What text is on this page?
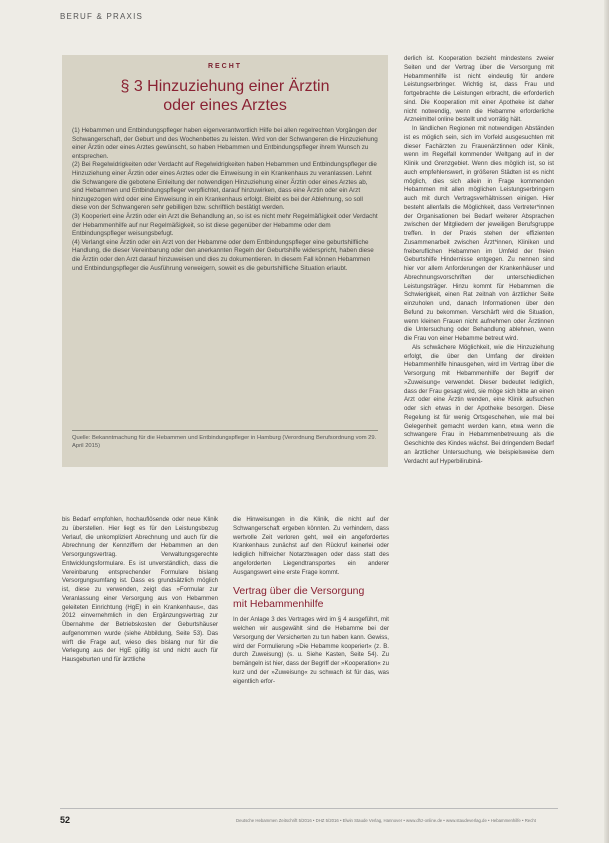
BERUF & PRAXIS
RECHT
§ 3 Hinzuziehung einer Ärztin
oder eines Arztes

(1) Hebammen und Entbindungspfleger haben eigenverantwortlich Hilfe bei allen regelrechten Vorgängen der Schwangerschaft, der Geburt und des Wochenbettes zu leisten. Wird von der Schwangeren die Hinzuziehung einer Ärztin oder eines Arztes gewünscht, so haben Hebammen und Entbindungspfleger ihrem Wunsch zu entsprechen.

(2) Bei Regelwidrigkeiten oder Verdacht auf Regelwidrigkeiten haben Hebammen und Entbindungspfleger die Hinzuziehung einer Ärztin oder eines Arztes oder die Einweisung in ein Krankenhaus zu veranlassen. Lehnt die Schwangere die gebotene Einleitung der notwendigen Hinzuziehung einer Ärztin oder eines Arztes ab, sind Hebammen und Entbindungspfleger verpflichtet, darauf hinzuwirken, dass eine Ärztin oder ein Arzt hinzugezogen wird oder eine Einweisung in ein Krankenhaus erfolgt. Bleibt es bei der Ablehnung, so soll diese von der Schwangeren sehr gebilligen bzw. schriftlich bestätigt werden.

(3) Kooperiert eine Ärztin oder ein Arzt die Behandlung an, so ist es nicht mehr Regelmäßigkeit oder Verdacht der Hebammenhilfe auf nur Regelmäßigkeit, so ist diese gegenüber der Hebamme oder dem Entbindungspfleger weisungsbefugt.

(4) Verlangt eine Ärztin oder ein Arzt von der Hebamme oder dem Entbindungspfleger eine geburtshilfliche Handlung, die dieser Vereinbarung oder den anerkannten Regeln der Geburtshilfe widerspricht, haben diese die Ärztin oder den Arzt darauf hinzuweisen und dies zu dokumentieren. In diesem Fall können Hebammen und Entbindungspfleger die Ausführung verweigern, soweit es die geburtshilfliche Situation erlaubt.

Quelle: Bekanntmachung für die Hebammen und Entbindungspfleger in Hamburg (Verordnung Berufsordnung vom 29. April 2015)

bis Bedarf empfohlen, hochauflösende oder neue Klinik zu überstellen. Hier liegt es für den Leistungsbezug Verlauf, die unkompliziert Abrechnung und auch für die Abrechnung der Kennziffern der Hebammen an den Versorgungsvertrag. Verwaltungsgerechte Entwicklungsformulare. Es ist unverständlich, dass die Vereinbarung entsprechender Formulare bislang Versorgungsumfang ist. Dass es grundsätzlich möglich ist, diese zu verwenden, zeigt das »Formular zur Veranlassung einer Versorgung aus von Hebammen geleiteten Einrichtung (HgE) in ein Krankenhaus«, das 2012 einvernehmlich in den Ergänzungsvertrag zur Übernahme der Betriebskosten der Geburtshäuser aufgenommen wurde (siehe Abbildung, Seite 53). Das wirft die Frage auf, wieso dies bislang nur für die Verlegung aus der HgE gültig ist und nicht auch für Hausgeburten und für ärztliche

die Hinweisungen in die Klinik, die nicht auf der Schwangerschaft ergeben könnten. Zu verhindern, dass wertvolle Zeit verloren geht, weil ein angefordertes Krankenhaus zunächst auf den Rückruf keinerlei oder lediglich hilfreicher Notarztwagen oder dass statt des angeforderten Liegendtransportes ein anderer Ausgangswert eine erste Frage kommt.

Vertrag über die Versorgung
mit Hebammenhilfe

In der Anlage 3 des Vertrages wird im § 4 ausgeführt, mit welchen wir ausgewählt sind die Hebamme bei der Versorgung der Versicherten zu tun haben kann. Gewiss, wird der Formulierung »Die Hebamme kooperiert« (z. B. durch Zuweisung) (s. u. Siehe Kasten, Seite 54). Zu bemängeln ist hier, dass der Begriff der »Kooperation« zu kurz und der »Zuweisung« zu schwach ist für das, was eigentlich erfor-

derlich ist. Kooperation bezieht mindestens zweier Seiten und der Vertrag über die Versorgung mit Hebammenhilfe ist nicht eindeutig für andere Leistungserbringer. Wichtig ist, dass Frau und fortgebrachte die Leistungen erbracht, die erforderlich sind. Die Kooperation mit einer Apotheke ist daher nicht notwendig, wenn die Hebamme erforderliche Arzneimittel online bestellt und vorrätig hält.

In ländlichen Regionen mit notwendigen Abständen ist es möglich sein, sich im Vorfeld ausgesuchten mit dieser Fachärzten zu Frauenärztinnen oder Klinik, wenn im Regelfall kommender Weltgang auf in der Klinik und Grenzgebiet. Wenn dies möglich ist, so ist auch empfehlenswert, in größeren Städten ist es nicht möglich, dies sich allein in Frage kommenden Hebammen mit allen möglichen Leistungserbringern auch mit durch Vertragsverhältnissen einigen. Hier besteht allenfalls die Möglichkeit, dass Vertreter*innen der Organisationen bei Bedarf weiterer Absprachen zwischen der Mitgliedern der jeweiligen Berufsgruppe treffen. In der Praxis stehen der effizienten Zusammenarbeit zwischen Ärzt*innen, Kliniken und freiberuflichen Hebammen im Umfeld der freien Geburtshilfe Hindernisse entgegen. Zu nennen sind hier vor allem Anforderungen der Krankenhäuser und Abrechnungsvorschriften der unterschiedlichen Leistungsträger. Hinzu kommt für Hebammen die Schwierigkeit, einen Rat zeitnah von ärztlicher Seite einzuholen und, danach Informationen über den Befund zu bekommen. Verschärft wird die Situation, wenn kleinen Frauen nicht aufnehmen oder Ärztinnen die Untersuchung oder Behandlung ablehnen, wenn die Frau von einer Hebamme betreut wird.

Als schwächere Möglichkeit, wie die Hinzuziehung erfolgt, die über den Umfang der direkten Hebammenhilfe hinausgehen, wird im Vertrag über die Versorgung mit Hebammenhilfe der Begriff der »Zuweisung« verwendet. Dieser bedeutet lediglich, dass der Frau gesagt wird, sie möge sich bitte an einen Arzt oder eine Ärztin wenden, eine Klinik aufsuchen oder sich etwas in der Apotheke besorgen. Diese Regelung ist für wenig Ortsgeschehen, wie mal bei Gelegenheit gemacht werden kann, etwa wenn die schwangere Frau in Hebammenbetreuung als die Geschichte des Kindes wächst. Bei dringendem Bedarf an ärztlicher Untersuchung, wie beispielsweise dem Verdacht auf Hyperbilirubinä-

52	Deutsche Hebammen Zeitschrift 5/2016 • DHZ 5/2016 • Elwin Staude Verlag, Hannover • www.dhz-online.de • www.staudeverlag.de • Hebammenhilfe • Recht
